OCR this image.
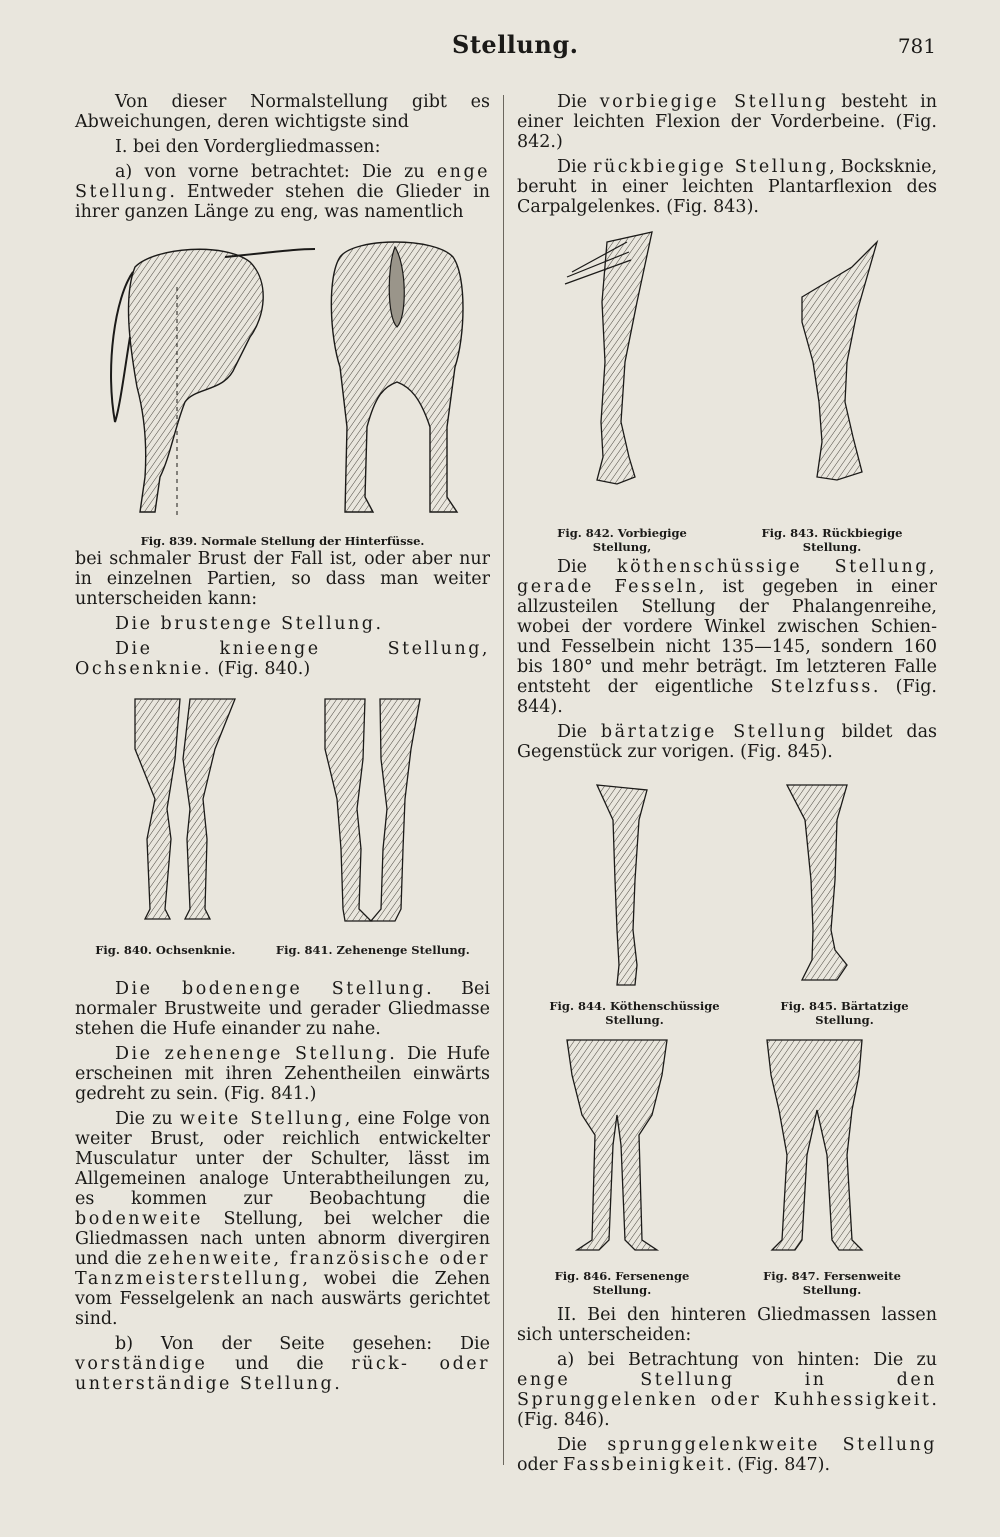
Stellung.	781

Von dieser Normalstellung gibt es Abweichungen, deren wichtigste sind

I. bei den Vordergliedmassen:

a) von vorne betrachtet: Die zu enge Stellung. Entweder stehen die Glieder in ihrer ganzen Länge zu eng, was namentlich

Fig. 839. Normale Stellung der Hinterfüsse.

bei schmaler Brust der Fall ist, oder aber nur in einzelnen Partien, so dass man weiter unterscheiden kann:

Die brustenge Stellung.

Die knieenge Stellung, Ochsenknie. (Fig. 840.)

Fig. 840. Ochsenknie.	Fig. 841. Zehenenge Stellung.

Die bodenenge Stellung. Bei normaler Brustweite und gerader Gliedmasse stehen die Hufe einander zu nahe.

Die zehenenge Stellung. Die Hufe erscheinen mit ihren Zehentheilen einwärts gedreht zu sein. (Fig. 841.)

Die zu weite Stellung, eine Folge von weiter Brust, oder reichlich entwickelter Musculatur unter der Schulter, lässt im Allgemeinen analoge Unterabtheilungen zu, es kommen zur Beobachtung die bodenweite Stellung, bei welcher die Gliedmassen nach unten abnorm divergiren und die zehenweite, französische oder Tanzmeisterstellung, wobei die Zehen vom Fesselgelenk an nach auswärts gerichtet sind.

b) Von der Seite gesehen: Die vorständige und die rück- oder unterständige Stellung.

Die vorbiegige Stellung besteht in einer leichten Flexion der Vorderbeine. (Fig. 842.)

Die rückbiegige Stellung, Bocksknie, beruht in einer leichten Plantarflexion des Carpalgelenkes. (Fig. 843).

Fig. 842. Vorbiegige Stellung,
Fig. 843. Rückbiegige Stellung.

Die köthenschüssige Stellung, gerade Fesseln, ist gegeben in einer allzusteilen Stellung der Phalangenreihe, wobei der vordere Winkel zwischen Schien- und Fesselbein nicht 135—145, sondern 160 bis 180° und mehr beträgt. Im letzteren Falle entsteht der eigentliche Stelzfuss. (Fig. 844).

Die bärtatzige Stellung bildet das Gegenstück zur vorigen. (Fig. 845).

Fig. 844. Köthenschüssige Stellung.
Fig. 845. Bärtatzige Stellung.
Fig. 846. Fersenenge Stellung.
Fig. 847. Fersenweite Stellung.

II. Bei den hinteren Gliedmassen lassen sich unterscheiden:

a) bei Betrachtung von hinten: Die zu enge Stellung in den Sprunggelenken oder Kuhhessigkeit. (Fig. 846).

Die sprunggelenkweite Stellung oder Fassbeinigkeit. (Fig. 847).
